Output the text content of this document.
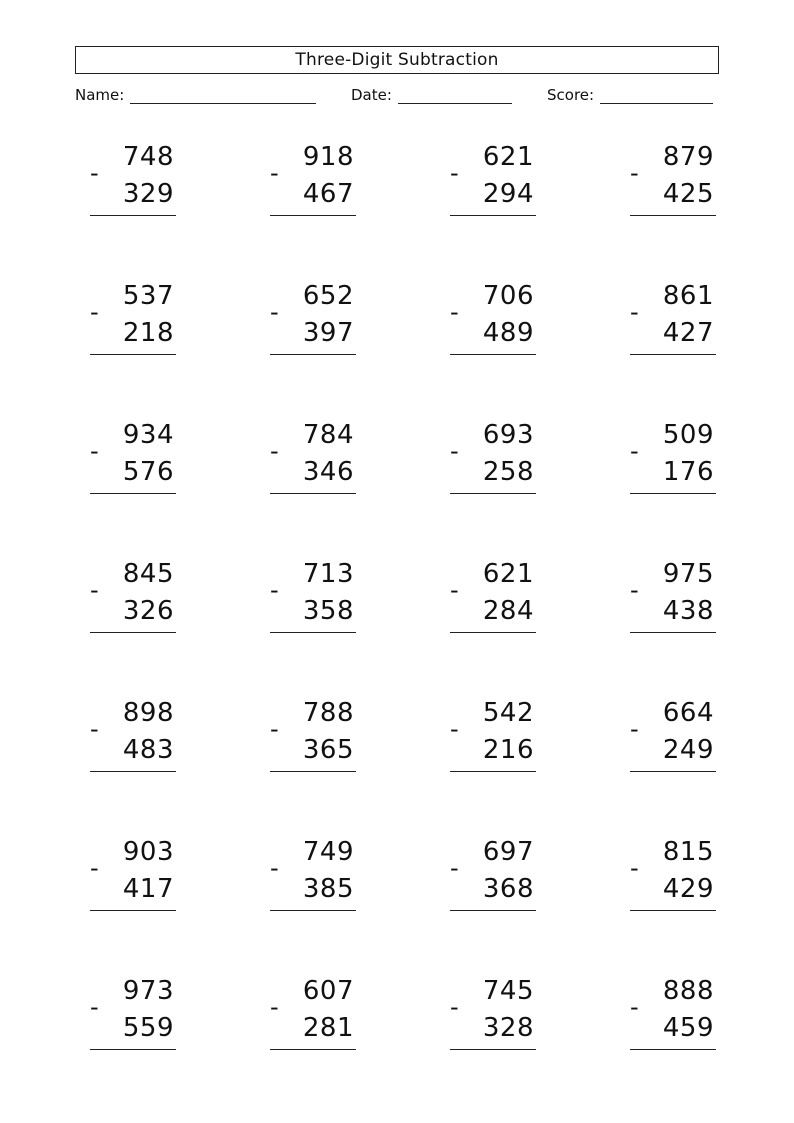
Three-Digit Subtraction
Name:	Date:	Score:
748
-
329
918
-
467
621
-
294
879
-
425
537
-
218
652
-
397
706
-
489
861
-
427
934
-
576
784
-
346
693
-
258
509
-
176
845
-
326
713
-
358
621
-
284
975
-
438
898
-
483
788
-
365
542
-
216
664
-
249
903
-
417
749
-
385
697
-
368
815
-
429
973
-
559
607
-
281
745
-
328
888
-
459
